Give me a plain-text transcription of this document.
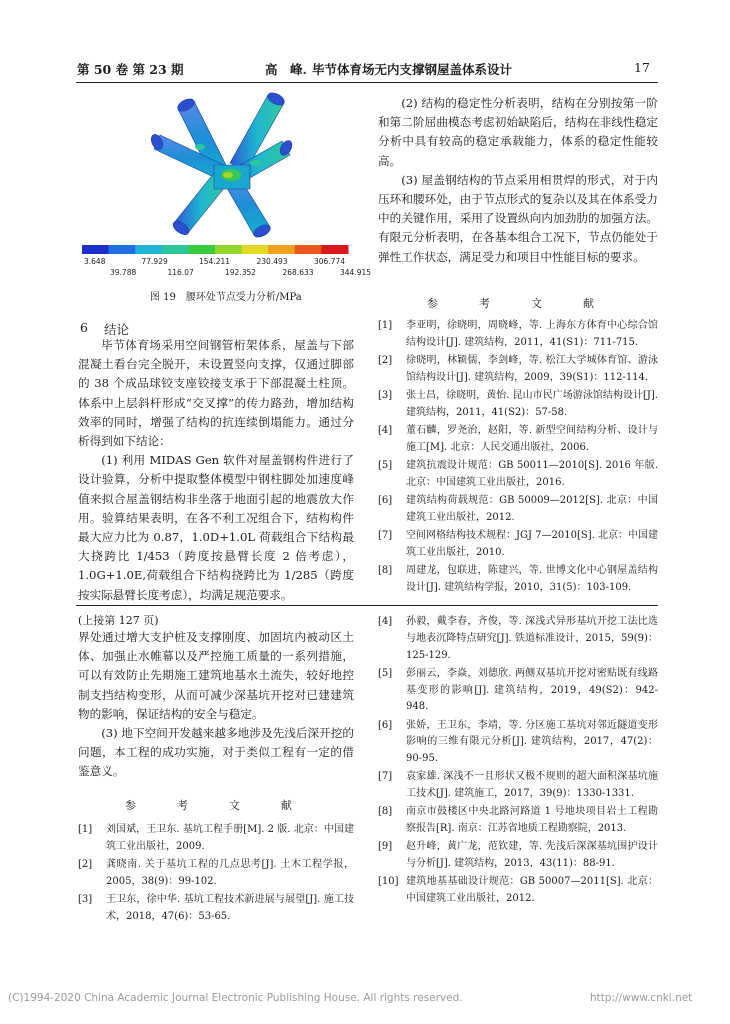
第 50 卷 第 23 期	高　峰. 毕节体育场无内支撑钢屋盖体系设计	17
3.648	77.929	154.211	230.493	306.774
39.788	116.07	192.352	268.633	344.915
图 19　腰环处节点受力分析/MPa
6 结论

毕节体育场采用空间钢管桁架体系，屋盖与下部混凝土看台完全脱开，未设置竖向支撑，仅通过脚部的 38 个成品球铰支座铰接支承于下部混凝土柱顶。体系中上层斜杆形成“交叉撑”的传力路劲，增加结构效率的同时，增强了结构的抗连续倒塌能力。通过分析得到如下结论：

(1) 利用 MIDAS Gen 软件对屋盖钢构件进行了设计验算，分析中提取整体模型中钢柱脚处加速度峰值来拟合屋盖钢结构非坐落于地面引起的地震放大作用。验算结果表明，在各不利工况组合下，结构构件最大应力比为 0.87，1.0D+1.0L 荷载组合下结构最大挠跨比 1/453（跨度按悬臂长度 2 倍考虑），1.0G+1.0E,荷载组合下结构挠跨比为 1/285（跨度按实际悬臂长度考虑），均满足规范要求。

(2) 结构的稳定性分析表明，结构在分别按第一阶和第二阶屈曲模态考虑初始缺陷后，结构在非线性稳定分析中具有较高的稳定承载能力，体系的稳定性能较高。

(3) 屋盖钢结构的节点采用相贯焊的形式，对于内压环和腰环处，由于节点形式的复杂以及其在体系受力中的关键作用，采用了设置纵向内加劲肋的加强方法。有限元分析表明，在各基本组合工况下，节点仍能处于弹性工作状态，满足受力和项目中性能目标的要求。

参　考　文　献
[1] 李亚明，徐晓明，周晓峰，等. 上海东方体育中心综合馆结构设计[J]. 建筑结构，2011，41(S1)：711-715.
[2] 徐晓明，林颖儒，李剑峰，等. 松江大学城体育馆、游泳馆结构设计[J]. 建筑结构，2009，39(S1)：112-114.
[3] 张士昌，徐晓明，黄怡. 昆山市民广场游泳馆结构设计[J]. 建筑结构，2011，41(S2)：57-58.
[4] 董石麟，罗尧治，赵阳，等. 新型空间结构分析、设计与施工[M]. 北京：人民交通出版社，2006.
[5] 建筑抗震设计规范：GB 50011—2010[S]. 2016 年版. 北京：中国建筑工业出版社，2016.
[6] 建筑结构荷载规范：GB 50009—2012[S]. 北京：中国建筑工业出版社，2012.
[7] 空间网格结构技术规程：JGJ 7—2010[S]. 北京：中国建筑工业出版社，2010.
[8] 周建龙，包联进，陈建兴，等. 世博文化中心钢屋盖结构设计[J]. 建筑结构学报，2010，31(5)：103-109.
(上接第 127 页)

界处通过增大支护桩及支撑刚度、加固坑内被动区土体、加强止水帷幕以及严控施工质量的一系列措施，可以有效防止先期施工建筑地基水土流失，较好地控制支挡结构变形，从而可减少深基坑开挖对已建建筑物的影响，保证结构的安全与稳定。

(3) 地下空间开发越来越多地涉及先浅后深开挖的问题，本工程的成功实施，对于类似工程有一定的借鉴意义。

参　考　文　献
[1] 刘国斌，王卫东. 基坑工程手册[M]. 2 版. 北京：中国建筑工业出版社，2009.
[2] 龚晓南. 关于基坑工程的几点思考[J]. 土木工程学报，2005，38(9)：99-102.
[3] 王卫东，徐中华. 基坑工程技术新进展与展望[J]. 施工技术，2018，47(6)：53-65.
[4] 孙毅，戴李春，齐俊，等. 深浅式异形基坑开挖工法比选与地表沉降特点研究[J]. 铁道标准设计，2015，59(9)：125-129.
[5] 彭丽云，李焱，刘德欣. 两侧双基坑开挖对密贴既有线路基变形的影响[J]. 建筑结构，2019，49(S2)：942-948.
[6] 张娇，王卫东，李靖，等. 分区施工基坑对邻近隧道变形影响的三维有限元分析[J]. 建筑结构，2017，47(2)：90-95.
[7] 袁家雄. 深浅不一且形状又极不规则的超大面积深基坑施工技术[J]. 建筑施工，2017，39(9)：1330-1331.
[8] 南京市鼓楼区中央北路河路道 1 号地块项目岩土工程勘察报告[R]. 南京：江苏省地质工程勘察院，2013.
[9] 赵升峰，黄广龙，范钦建，等. 先浅后深深基坑围护设计与分析[J]. 建筑结构，2013，43(11)：88-91.
[10] 建筑地基基础设计规范：GB 50007—2011[S]. 北京：中国建筑工业出版社，2012.
(C)1994-2020 China Academic Journal Electronic Publishing House. All rights reserved.	http://www.cnki.net
